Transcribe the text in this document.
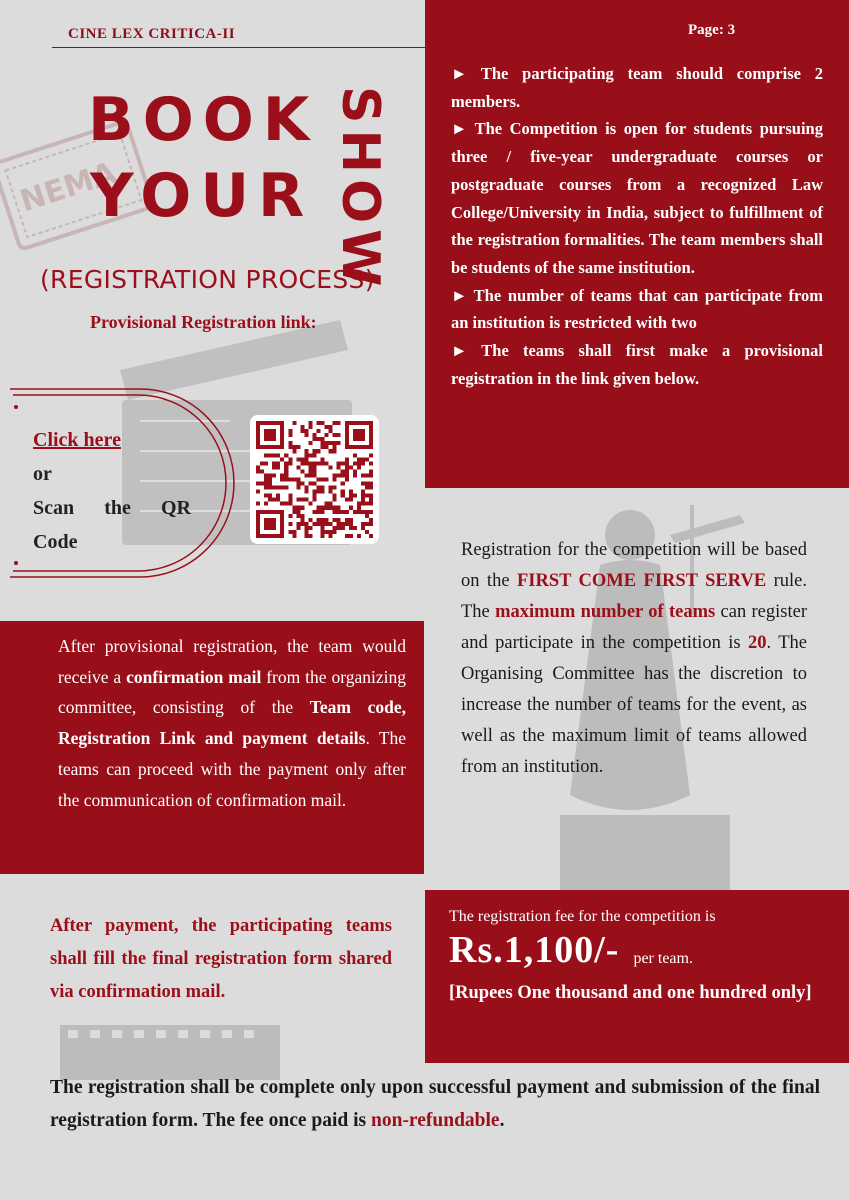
NEMA
CINE LEX CRITICA-II

► The participating team should comprise 2 members.

► The Competition is open for students pursuing three / five-year undergraduate courses or postgraduate courses from a recognized Law College/University in India, subject to fulfillment of the registration formalities. The team members shall be students of the same institution.

► The number of teams that can participate from an institution is restricted with two

► The teams shall first make a provisional registration in the link given below.

Page: 3
BOOK
YOUR SHOW
(REGISTRATION PROCESS)
Provisional Registration link:
Click here
or
Scan the QR
Code

After provisional registration, the team would receive a confirmation mail from the organizing committee, consisting of the Team code, Registration Link and payment details. The teams can proceed with the payment only after the communication of confirmation mail.

Registration for the competition will be based on the FIRST COME FIRST SERVE rule. The maximum number of teams can register and participate in the competition is 20. The Organising Committee has the discretion to increase the number of teams for the event, as well as the maximum limit of teams allowed from an institution.
After payment, the participating teams shall fill the final registration form shared via confirmation mail.
The registration fee for the competition is
Rs.1,100/- per team.
[Rupees One thousand and one hundred only]
The registration shall be complete only upon successful payment and submission of the final registration form. The fee once paid is non-refundable.
